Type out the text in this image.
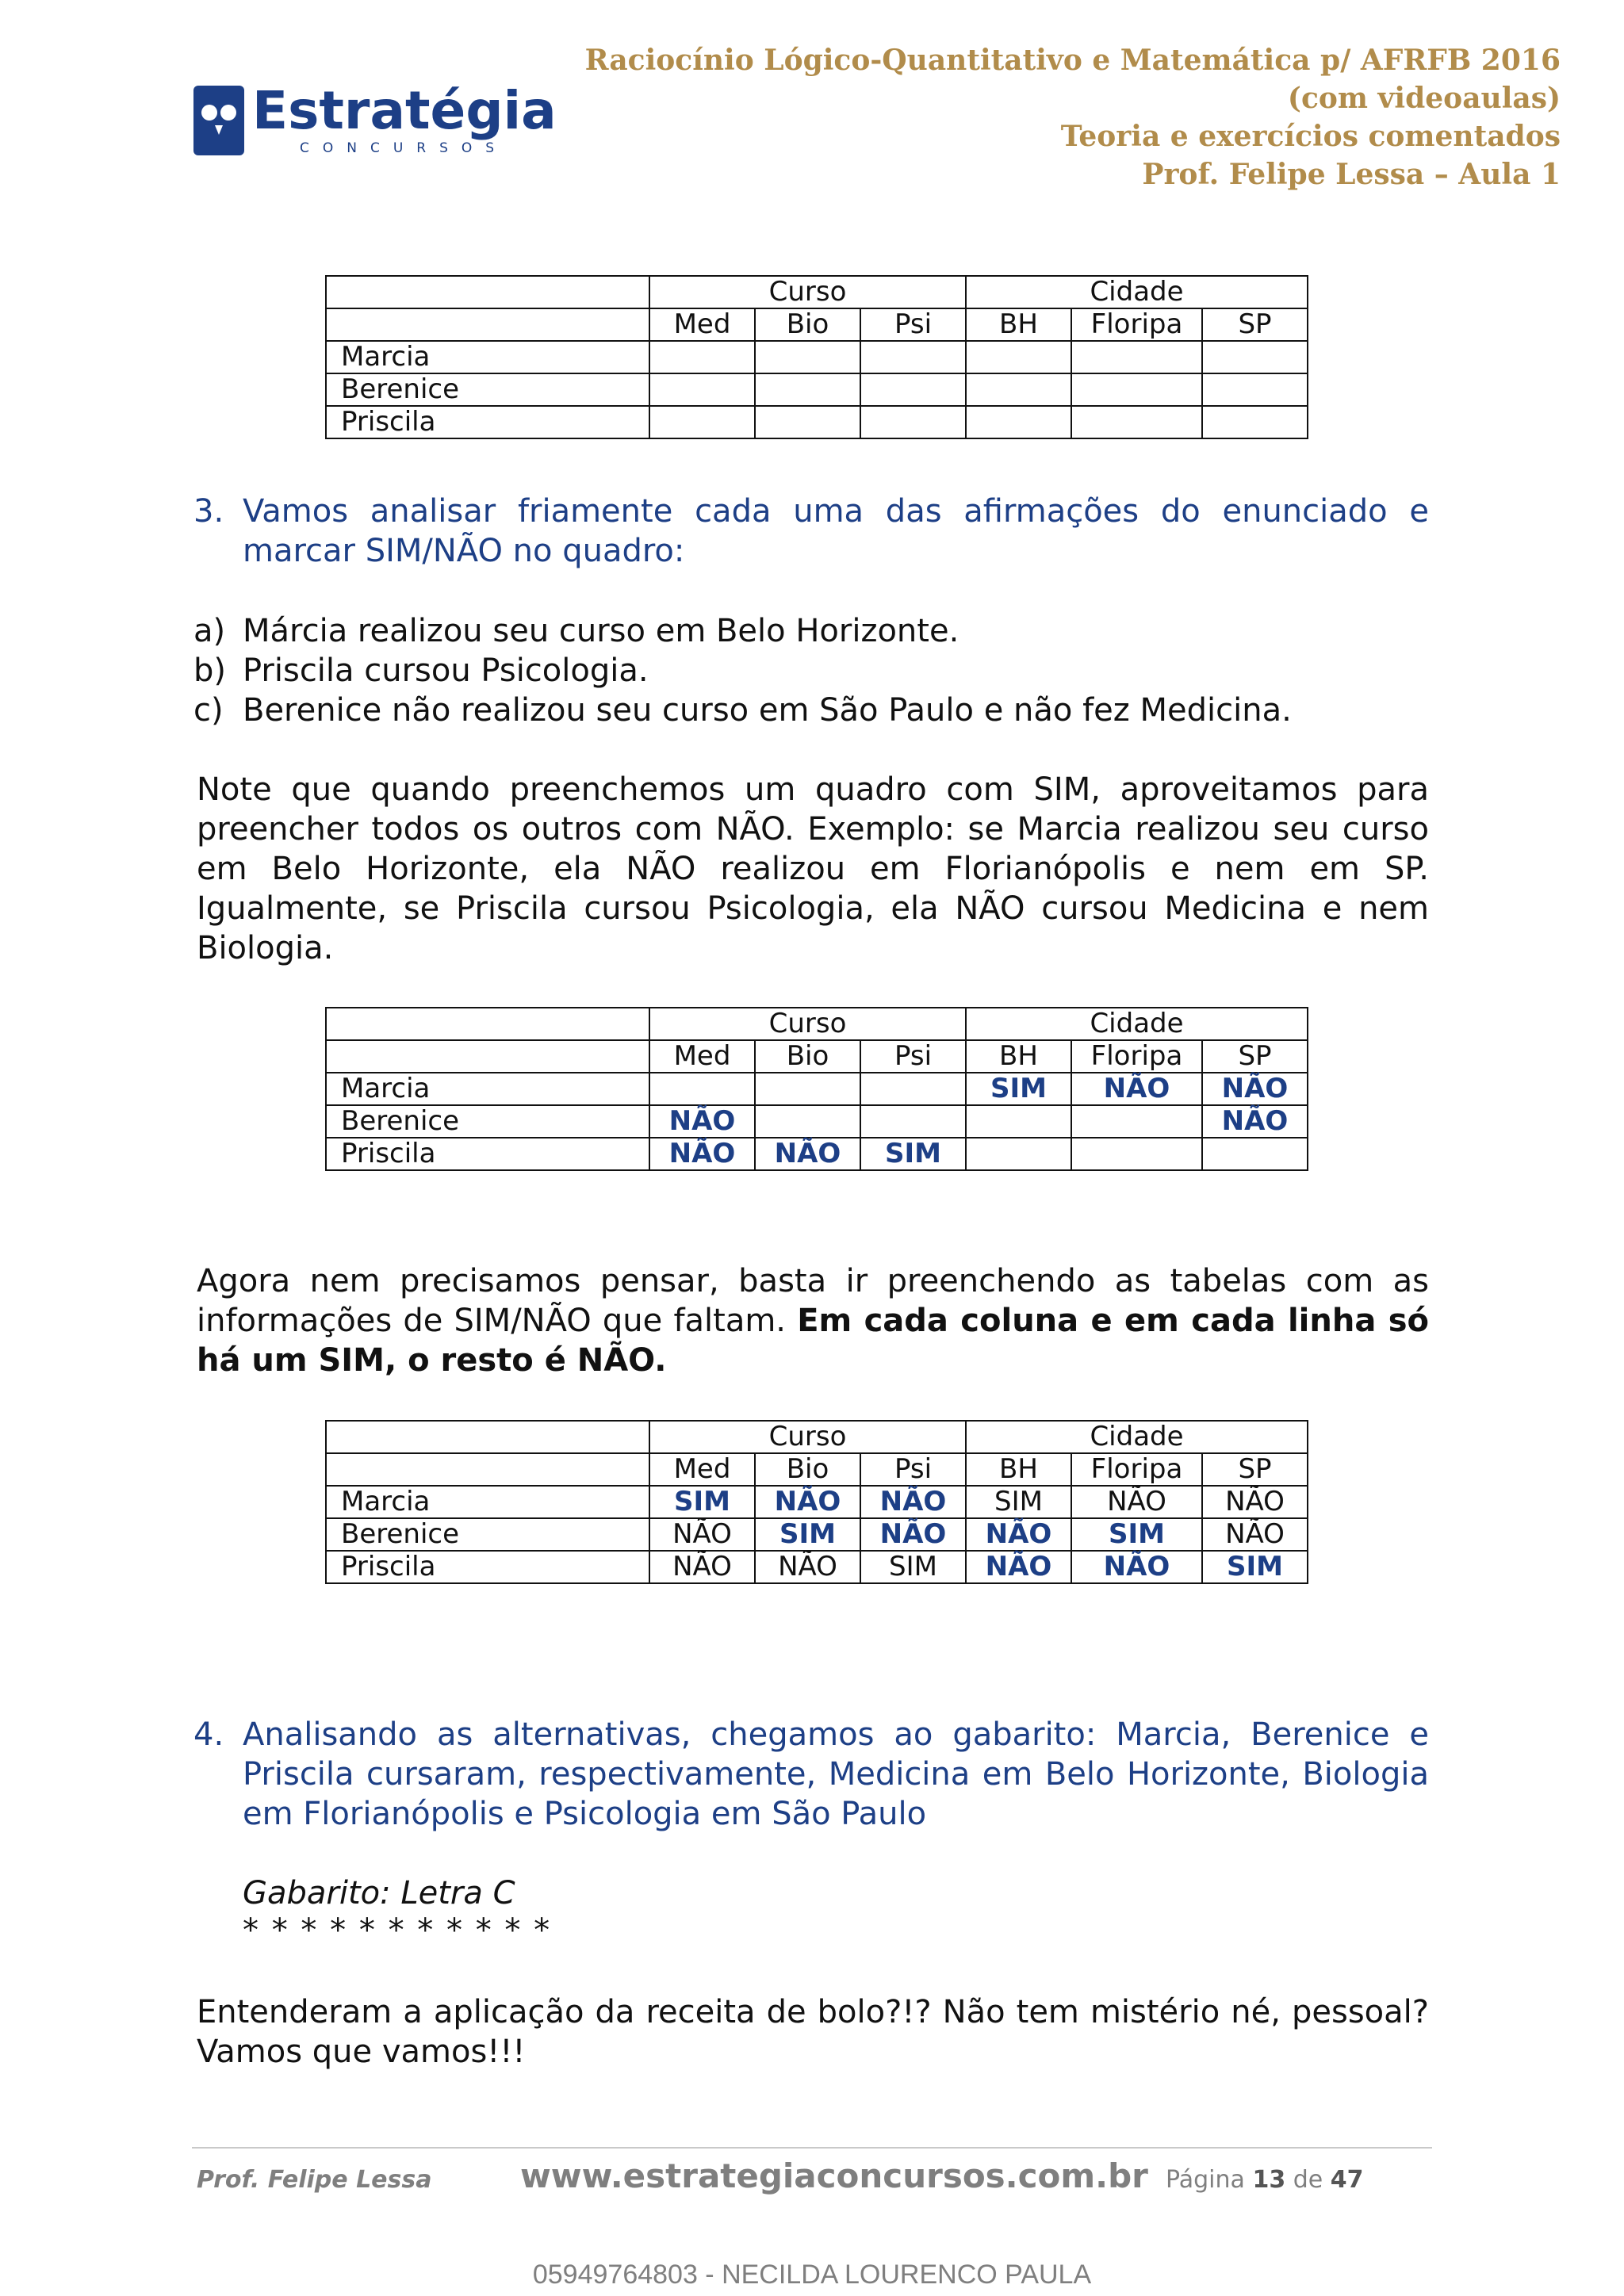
Estratégia
CONCURSOS
Raciocínio Lógico-Quantitativo e Matemática p/ AFRFB 2016
(com videoaulas)
Teoria e exercícios comentados
Prof. Felipe Lessa – Aula 1
	Curso			Cidade		
	Med	Bio	Psi	BH	Floripa	SP
Marcia						
Berenice						
Priscila						
3. Vamos analisar friamente cada uma das afirmações do enunciado e marcar SIM/NÃO no quadro:
a) Márcia realizou seu curso em Belo Horizonte.
b) Priscila cursou Psicologia.
c) Berenice não realizou seu curso em São Paulo e não fez Medicina.
Note que quando preenchemos um quadro com SIM, aproveitamos para preencher todos os outros com NÃO. Exemplo: se Marcia realizou seu curso em Belo Horizonte, ela NÃO realizou em Florianópolis e nem em SP. Igualmente, se Priscila cursou Psicologia, ela NÃO cursou Medicina e nem Biologia.
	Curso			Cidade		
	Med	Bio	Psi	BH	Floripa	SP
Marcia				SIM	NÃO	NÃO
Berenice	NÃO					NÃO
Priscila	NÃO	NÃO	SIM			
Agora nem precisamos pensar, basta ir preenchendo as tabelas com as informações de SIM/NÃO que faltam. Em cada coluna e em cada linha só há um SIM, o resto é NÃO.
	Curso			Cidade		
	Med	Bio	Psi	BH	Floripa	SP
Marcia	SIM	NÃO	NÃO	SIM	NÃO	NÃO
Berenice	NÃO	SIM	NÃO	NÃO	SIM	NÃO
Priscila	NÃO	NÃO	SIM	NÃO	NÃO	SIM
4. Analisando as alternativas, chegamos ao gabarito: Marcia, Berenice e Priscila cursaram, respectivamente, Medicina em Belo Horizonte, Biologia em Florianópolis e Psicologia em São Paulo
Gabarito: Letra C
* * * * * * * * * * *
Entenderam a aplicação da receita de bolo?!? Não tem mistério né, pessoal? Vamos que vamos!!!
Prof. Felipe Lessa	www.estrategiaconcursos.com.br Página 13 de 47
05949764803 - NECILDA LOURENCO PAULA
